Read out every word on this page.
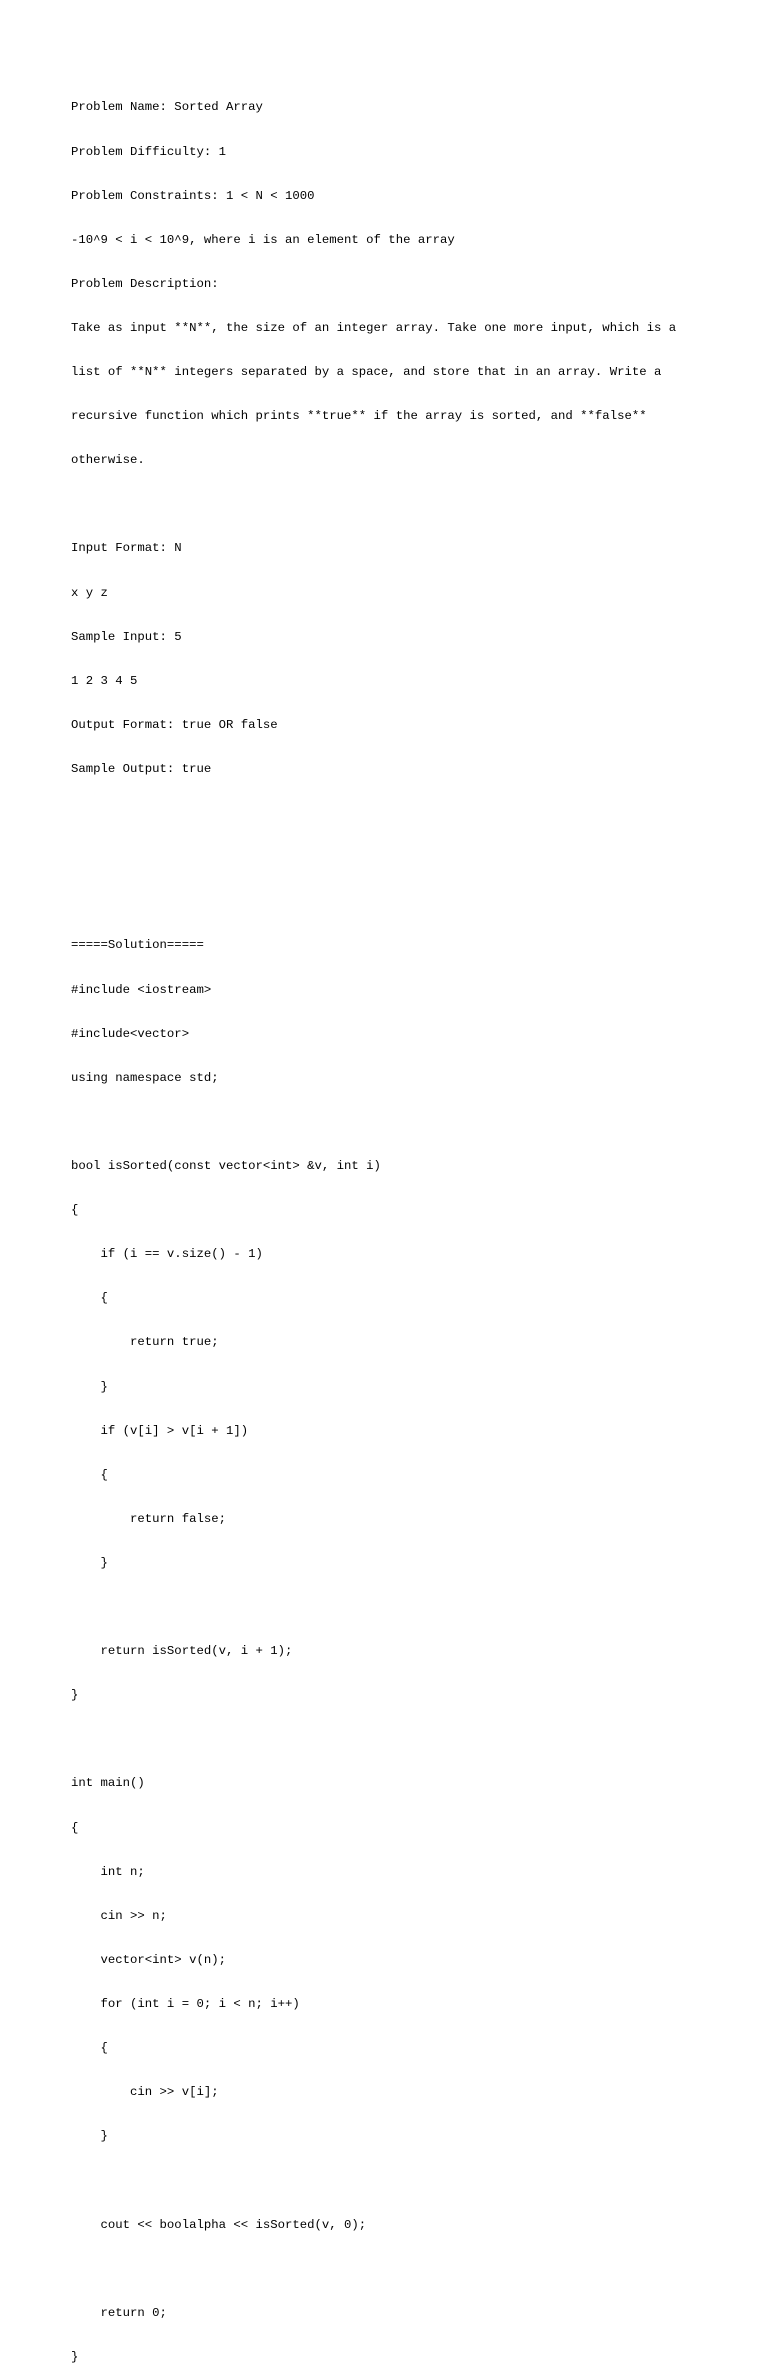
Problem Name: Sorted Array

Problem Difficulty: 1

Problem Constraints: 1 < N < 1000

-10^9 < i < 10^9, where i is an element of the array

Problem Description:

Take as input **N**, the size of an integer array. Take one more input, which is a

list of **N** integers separated by a space, and store that in an array. Write a

recursive function which prints **true** if the array is sorted, and **false**

otherwise.

Input Format: N

x y z

Sample Input: 5

1 2 3 4 5

Output Format: true OR false

Sample Output: true

=====Solution=====

#include <iostream>

#include<vector>

using namespace std;

bool isSorted(const vector<int> &v, int i)

{

if (i == v.size() - 1)

{

return true;

}

if (v[i] > v[i + 1])

{

return false;

}

return isSorted(v, i + 1);

}

int main()

{

int n;

cin >> n;

vector<int> v(n);

for (int i = 0; i < n; i++)

{

cin >> v[i];

}

cout << boolalpha << isSorted(v, 0);

return 0;

}
